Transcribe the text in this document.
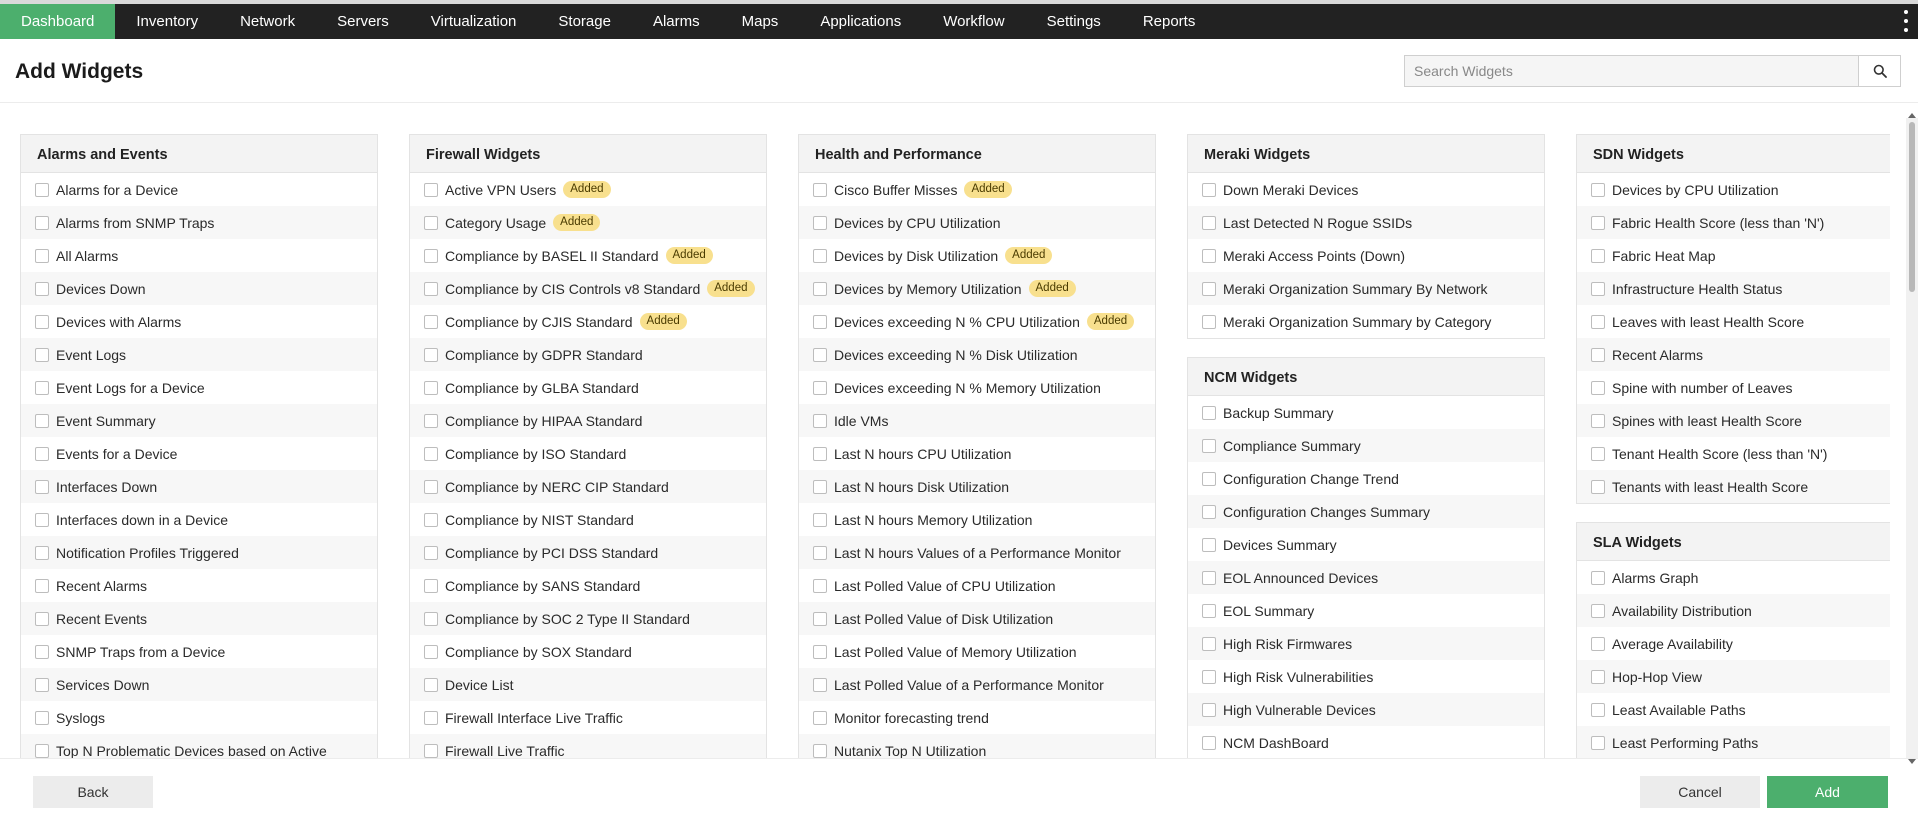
Dashboard	Inventory	Network	Servers	Virtualization	Storage	Alarms	Maps	Applications	Workflow	Settings	Reports
Add Widgets
Search Widgets
Alarms and Events
Alarms for a Device
Alarms from SNMP Traps
All Alarms
Devices Down
Devices with Alarms
Event Logs
Event Logs for a Device
Event Summary
Events for a Device
Interfaces Down
Interfaces down in a Device
Notification Profiles Triggered
Recent Alarms
Recent Events
SNMP Traps from a Device
Services Down
Syslogs
Top N Problematic Devices based on Active
Firewall Widgets
Active VPN Users	Added
Category Usage	Added
Compliance by BASEL II Standard	Added
Compliance by CIS Controls v8 Standard	Added
Compliance by CJIS Standard	Added
Compliance by GDPR Standard
Compliance by GLBA Standard
Compliance by HIPAA Standard
Compliance by ISO Standard
Compliance by NERC CIP Standard
Compliance by NIST Standard
Compliance by PCI DSS Standard
Compliance by SANS Standard
Compliance by SOC 2 Type II Standard
Compliance by SOX Standard
Device List
Firewall Interface Live Traffic
Firewall Live Traffic
Health and Performance
Cisco Buffer Misses	Added
Devices by CPU Utilization
Devices by Disk Utilization	Added
Devices by Memory Utilization	Added
Devices exceeding N % CPU Utilization	Added
Devices exceeding N % Disk Utilization
Devices exceeding N % Memory Utilization
Idle VMs
Last N hours CPU Utilization
Last N hours Disk Utilization
Last N hours Memory Utilization
Last N hours Values of a Performance Monitor
Last Polled Value of CPU Utilization
Last Polled Value of Disk Utilization
Last Polled Value of Memory Utilization
Last Polled Value of a Performance Monitor
Monitor forecasting trend
Nutanix Top N Utilization
Meraki Widgets
Down Meraki Devices
Last Detected N Rogue SSIDs
Meraki Access Points (Down)
Meraki Organization Summary By Network
Meraki Organization Summary by Category
NCM Widgets
Backup Summary
Compliance Summary
Configuration Change Trend
Configuration Changes Summary
Devices Summary
EOL Announced Devices
EOL Summary
High Risk Firmwares
High Risk Vulnerabilities
High Vulnerable Devices
NCM DashBoard
SDN Widgets
Devices by CPU Utilization
Fabric Health Score (less than 'N')
Fabric Heat Map
Infrastructure Health Status
Leaves with least Health Score
Recent Alarms
Spine with number of Leaves
Spines with least Health Score
Tenant Health Score (less than 'N')
Tenants with least Health Score
SLA Widgets
Alarms Graph
Availability Distribution
Average Availability
Hop-Hop View
Least Available Paths
Least Performing Paths
Back	Cancel	Add
